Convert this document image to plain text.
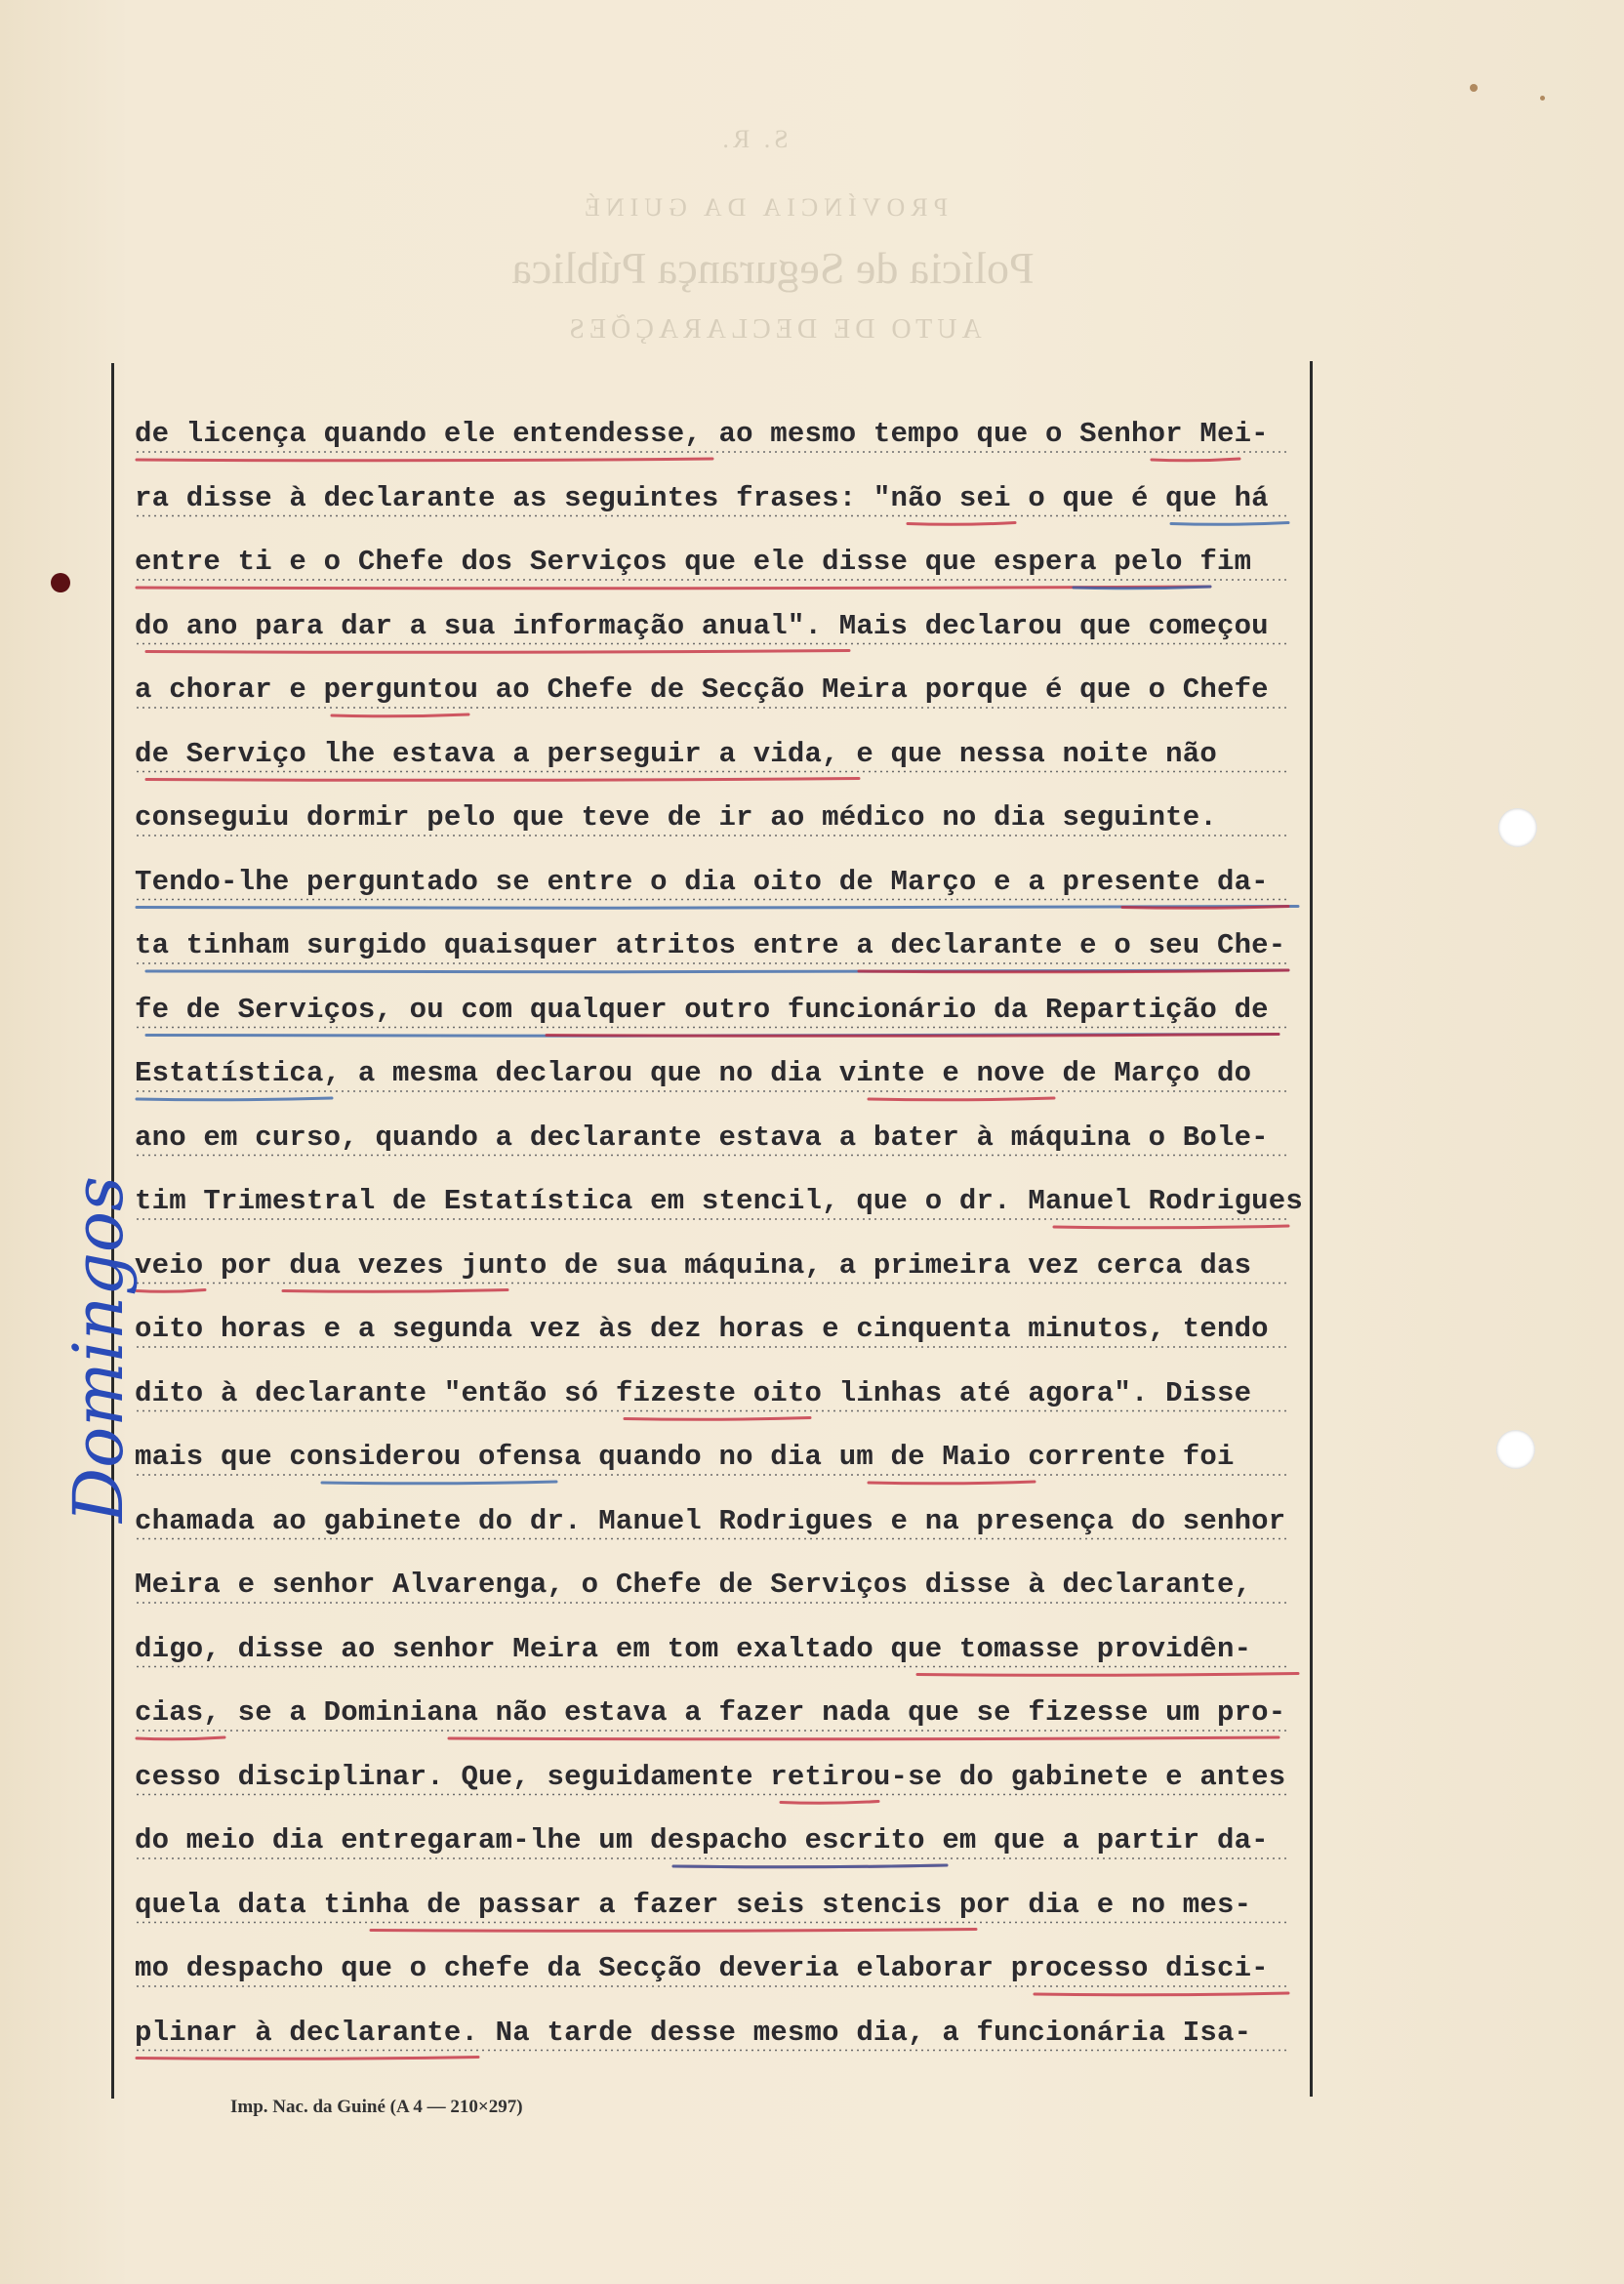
S. R.
PROVÍNCIA DA GUINÉ
Polícia de Segurança Pública
AUTO DE DECLARAÇÕES
de licença quando ele entendesse, ao mesmo tempo que o Senhor Mei-
ra disse à declarante as seguintes frases: "não sei o que é que há
entre ti e o Chefe dos Serviços que ele disse que espera pelo fim
do ano para dar a sua informação anual". Mais declarou que começou
a chorar e perguntou ao Chefe de Secção Meira porque é que o Chefe
de Serviço lhe estava a perseguir a vida, e que nessa noite não
conseguiu dormir pelo que teve de ir ao médico no dia seguinte.
Tendo-lhe perguntado se entre o dia oito de Março e a presente da-
ta tinham surgido quaisquer atritos entre a declarante e o seu Che-
fe de Serviços, ou com qualquer outro funcionário da Repartição de
Estatística, a mesma declarou que no dia vinte e nove de Março do
ano em curso, quando a declarante estava a bater à máquina o Bole-
tim Trimestral de Estatística em stencil, que o dr. Manuel Rodrigues
veio por dua vezes junto de sua máquina, a primeira vez cerca das
oito horas e a segunda vez às dez horas e cinquenta minutos, tendo
dito à declarante "então só fizeste oito linhas até agora". Disse
mais que considerou ofensa quando no dia um de Maio corrente foi
chamada ao gabinete do dr. Manuel Rodrigues e na presença do senhor
Meira e senhor Alvarenga, o Chefe de Serviços disse à declarante,
digo, disse ao senhor Meira em tom exaltado que tomasse providên-
cias, se a Dominiana não estava a fazer nada que se fizesse um pro-
cesso disciplinar. Que, seguidamente retirou-se do gabinete e antes
do meio dia entregaram-lhe um despacho escrito em que a partir da-
quela data tinha de passar a fazer seis stencis por dia e no mes-
mo despacho que o chefe da Secção deveria elaborar processo disci-
plinar à declarante. Na tarde desse mesmo dia, a funcionária Isa-
Domingos
Imp. Nac. da Guiné (A 4 — 210×297)
